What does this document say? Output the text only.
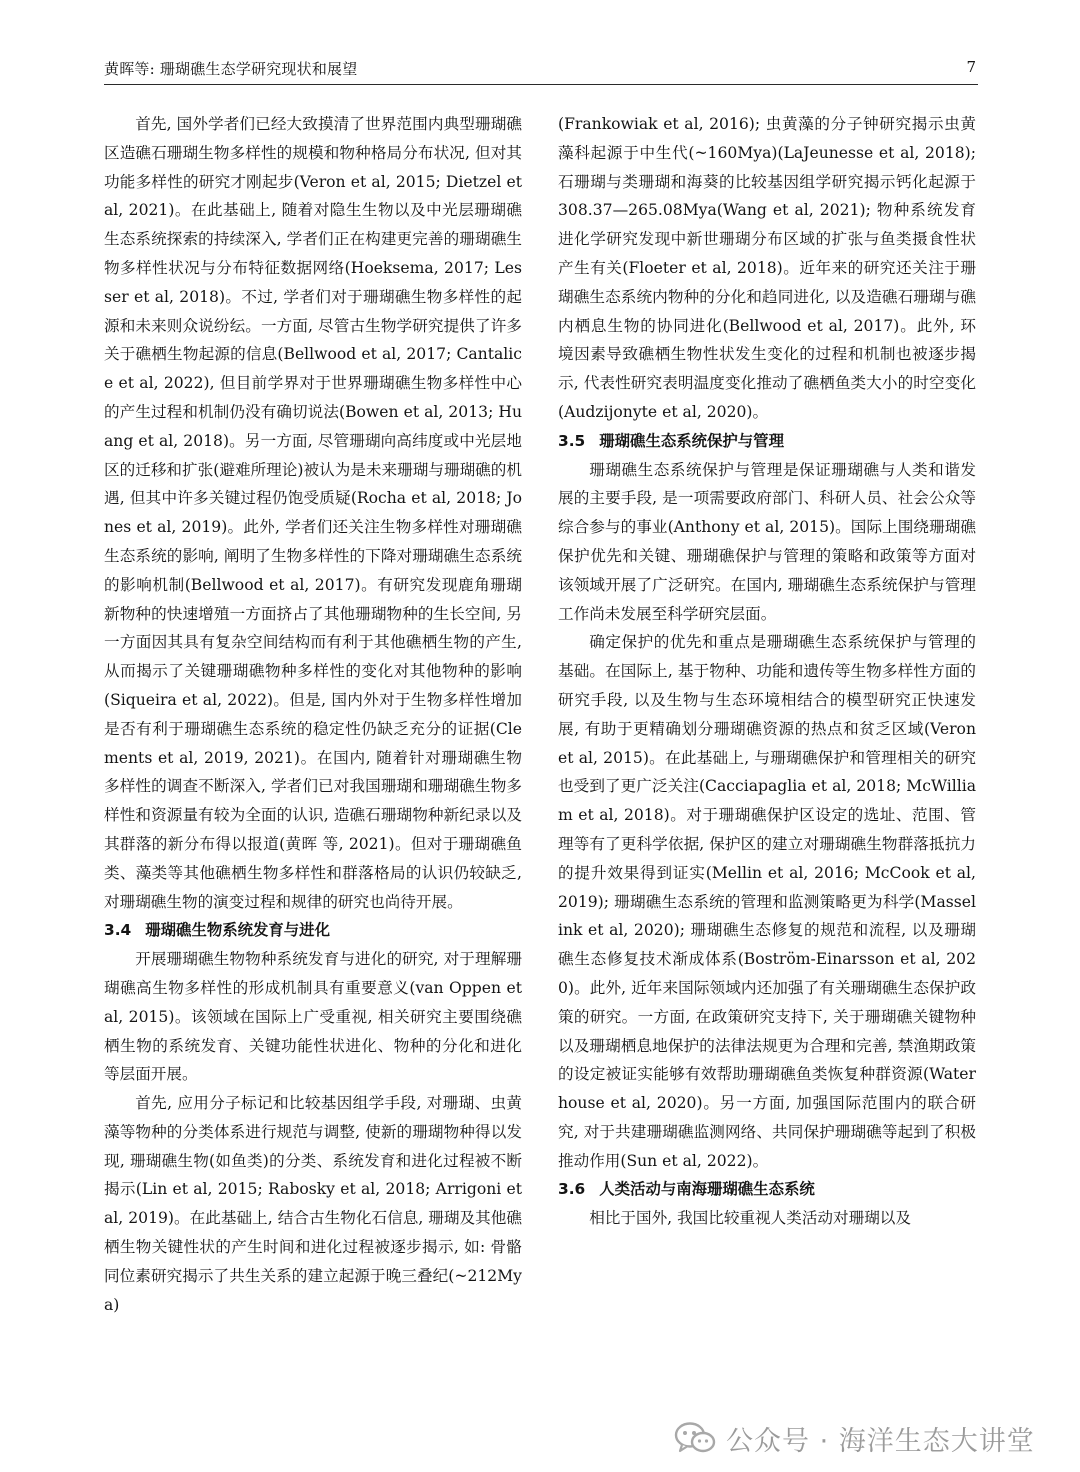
黄晖等: 珊瑚礁生态学研究现状和展望	7

首先, 国外学者们已经大致摸清了世界范围内典型珊瑚礁区造礁石珊瑚生物多样性的规模和物种格局分布状况, 但对其功能多样性的研究才刚起步(Veron et al, 2015; Dietzel et al, 2021)。在此基础上, 随着对隐生生物以及中光层珊瑚礁生态系统探索的持续深入, 学者们正在构建更完善的珊瑚礁生物多样性状况与分布特征数据网络(Hoeksema, 2017; Lesser et al, 2018)。不过, 学者们对于珊瑚礁生物多样性的起源和未来则众说纷纭。一方面, 尽管古生物学研究提供了许多关于礁栖生物起源的信息(Bellwood et al, 2017; Cantalice et al, 2022), 但目前学界对于世界珊瑚礁生物多样性中心的产生过程和机制仍没有确切说法(Bowen et al, 2013; Huang et al, 2018)。另一方面, 尽管珊瑚向高纬度或中光层地区的迁移和扩张(避难所理论)被认为是未来珊瑚与珊瑚礁的机遇, 但其中许多关键过程仍饱受质疑(Rocha et al, 2018; Jones et al, 2019)。此外, 学者们还关注生物多样性对珊瑚礁生态系统的影响, 阐明了生物多样性的下降对珊瑚礁生态系统的影响机制(Bellwood et al, 2017)。有研究发现鹿角珊瑚新物种的快速增殖一方面挤占了其他珊瑚物种的生长空间, 另一方面因其具有复杂空间结构而有利于其他礁栖生物的产生, 从而揭示了关键珊瑚礁物种多样性的变化对其他物种的影响(Siqueira et al, 2022)。但是, 国内外对于生物多样性增加是否有利于珊瑚礁生态系统的稳定性仍缺乏充分的证据(Clements et al, 2019, 2021)。在国内, 随着针对珊瑚礁生物多样性的调查不断深入, 学者们已对我国珊瑚和珊瑚礁生物多样性和资源量有较为全面的认识, 造礁石珊瑚物种新纪录以及其群落的新分布得以报道(黄晖 等, 2021)。但对于珊瑚礁鱼类、藻类等其他礁栖生物多样性和群落格局的认识仍较缺乏, 对珊瑚礁生物的演变过程和规律的研究也尚待开展。

3.4 珊瑚礁生物系统发育与进化

开展珊瑚礁生物物种系统发育与进化的研究, 对于理解珊瑚礁高生物多样性的形成机制具有重要意义(van Oppen et al, 2015)。该领域在国际上广受重视, 相关研究主要围绕礁栖生物的系统发育、关键功能性状进化、物种的分化和进化等层面开展。

首先, 应用分子标记和比较基因组学手段, 对珊瑚、虫黄藻等物种的分类体系进行规范与调整, 使新的珊瑚物种得以发现, 珊瑚礁生物(如鱼类)的分类、系统发育和进化过程被不断揭示(Lin et al, 2015; Rabosky et al, 2018; Arrigoni et al, 2019)。在此基础上, 结合古生物化石信息, 珊瑚及其他礁栖生物关键性状的产生时间和进化过程被逐步揭示, 如: 骨骼同位素研究揭示了共生关系的建立起源于晚三叠纪(~212Mya)

(Frankowiak et al, 2016); 虫黄藻的分子钟研究揭示虫黄藻科起源于中生代(~160Mya)(LaJeunesse et al, 2018); 石珊瑚与类珊瑚和海葵的比较基因组学研究揭示钙化起源于 308.37—265.08Mya(Wang et al, 2021); 物种系统发育进化学研究发现中新世珊瑚分布区域的扩张与鱼类摄食性状产生有关(Floeter et al, 2018)。近年来的研究还关注于珊瑚礁生态系统内物种的分化和趋同进化, 以及造礁石珊瑚与礁内栖息生物的协同进化(Bellwood et al, 2017)。此外, 环境因素导致礁栖生物性状发生变化的过程和机制也被逐步揭示, 代表性研究表明温度变化推动了礁栖鱼类大小的时空变化(Audzijonyte et al, 2020)。

3.5 珊瑚礁生态系统保护与管理

珊瑚礁生态系统保护与管理是保证珊瑚礁与人类和谐发展的主要手段, 是一项需要政府部门、科研人员、社会公众等综合参与的事业(Anthony et al, 2015)。国际上围绕珊瑚礁保护优先和关键、珊瑚礁保护与管理的策略和政策等方面对该领域开展了广泛研究。在国内, 珊瑚礁生态系统保护与管理工作尚未发展至科学研究层面。

确定保护的优先和重点是珊瑚礁生态系统保护与管理的基础。在国际上, 基于物种、功能和遗传等生物多样性方面的研究手段, 以及生物与生态环境相结合的模型研究正快速发展, 有助于更精确划分珊瑚礁资源的热点和贫乏区域(Veron et al, 2015)。在此基础上, 与珊瑚礁保护和管理相关的研究也受到了更广泛关注(Cacciapaglia et al, 2018; McWilliam et al, 2018)。对于珊瑚礁保护区设定的选址、范围、管理等有了更科学依据, 保护区的建立对珊瑚礁生物群落抵抗力的提升效果得到证实(Mellin et al, 2016; McCook et al, 2019); 珊瑚礁生态系统的管理和监测策略更为科学(Masselink et al, 2020); 珊瑚礁生态修复的规范和流程, 以及珊瑚礁生态修复技术渐成体系(Boström-Einarsson et al, 2020)。此外, 近年来国际领域内还加强了有关珊瑚礁生态保护政策的研究。一方面, 在政策研究支持下, 关于珊瑚礁关键物种以及珊瑚栖息地保护的法律法规更为合理和完善, 禁渔期政策的设定被证实能够有效帮助珊瑚礁鱼类恢复种群资源(Waterhouse et al, 2020)。另一方面, 加强国际范围内的联合研究, 对于共建珊瑚礁监测网络、共同保护珊瑚礁等起到了积极推动作用(Sun et al, 2022)。

3.6 人类活动与南海珊瑚礁生态系统

相比于国外, 我国比较重视人类活动对珊瑚以及

公众号 · 海洋生态大讲堂
